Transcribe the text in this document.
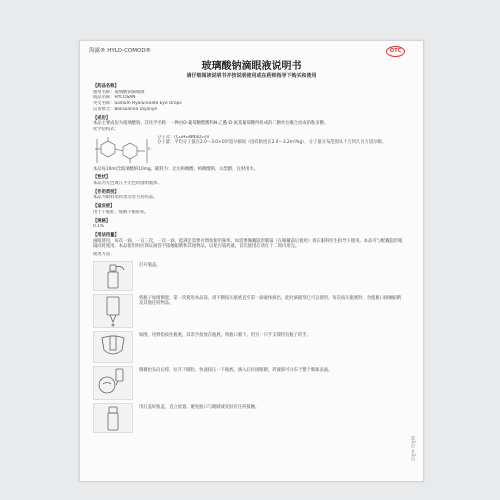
海露® HYLO-COMOD®	OTC
玻璃酸钠滴眼液说明书
请仔细阅读说明书并按说明使用或在药师指导下购买和使用
【药品名称】
通用名称：玻璃酸钠滴眼液
商品名称：HYCOSAN
英文名称：Sodium Hyaluronate Eye Drops
汉语拼音：Bolisuanna Diyanye
【成份】
本品主要成份为玻璃酸钠。其化学名称：一种由D-葡萄糖醛酸和N-乙酰-D-氨基葡萄糖所组成的二糖单位聚合而成的粘多糖。
化学结构式：
n
分子式：(C₁₄H₂₀NNaO₁₁)n
分子量：平均分子量在2.0～3.0×10⁶道尔顿间（固有粘度在2.4～3.2m³/kg），分子量分布范围从十万到几百万道尔顿。
本品每10ml含玻璃酸钠10mg。辅料为：无水枸橼酸，枸橼酸钠，山梨醇，注射用水。
【性状】
本品为无色或几乎无色的澄明液体。
【作用类别】
本品为眼科用药类非处方药药品。
【适应症】
用于干眼症，缓解干眼症状。
【规格】
0.1%
【用法用量】
滴眼使用，每次一滴，一日三次，一次一滴，能满足需要可增加使用频率。如需要佩戴隐形眼镜（在佩戴前后使用）请在眼科医生指导下使用。本品可与配戴隐形眼镜同时使用。本品使用时应保证滴管不接触眼睛和其他物品，以免污染药液。首次使用后请在十二周内用完。
使用方法：
打开瓶盖。
将瓶子如图倒置，第一次使用本品前，请不断按压瓶底直至第一滴液体滴出，此时滴眼剂已可以使用。每次按压瓶底时，勿使瓶口接触眼睛及其他任何物品。
如图，用拇指按住瓶底，其余手指放在瓶底。将瓶口朝下，用另一只手支撑持有瓶子的手。
微微抬头向后仰，拉开下眼睑，快速按压一下瓶底。滴入后轻闭眼睛，药液即可分布于整个眼球表面。
用后盖好瓶盖，直立放置。避免瓶口与眼睛或皮肤有任何接触。
第1页 共2页
